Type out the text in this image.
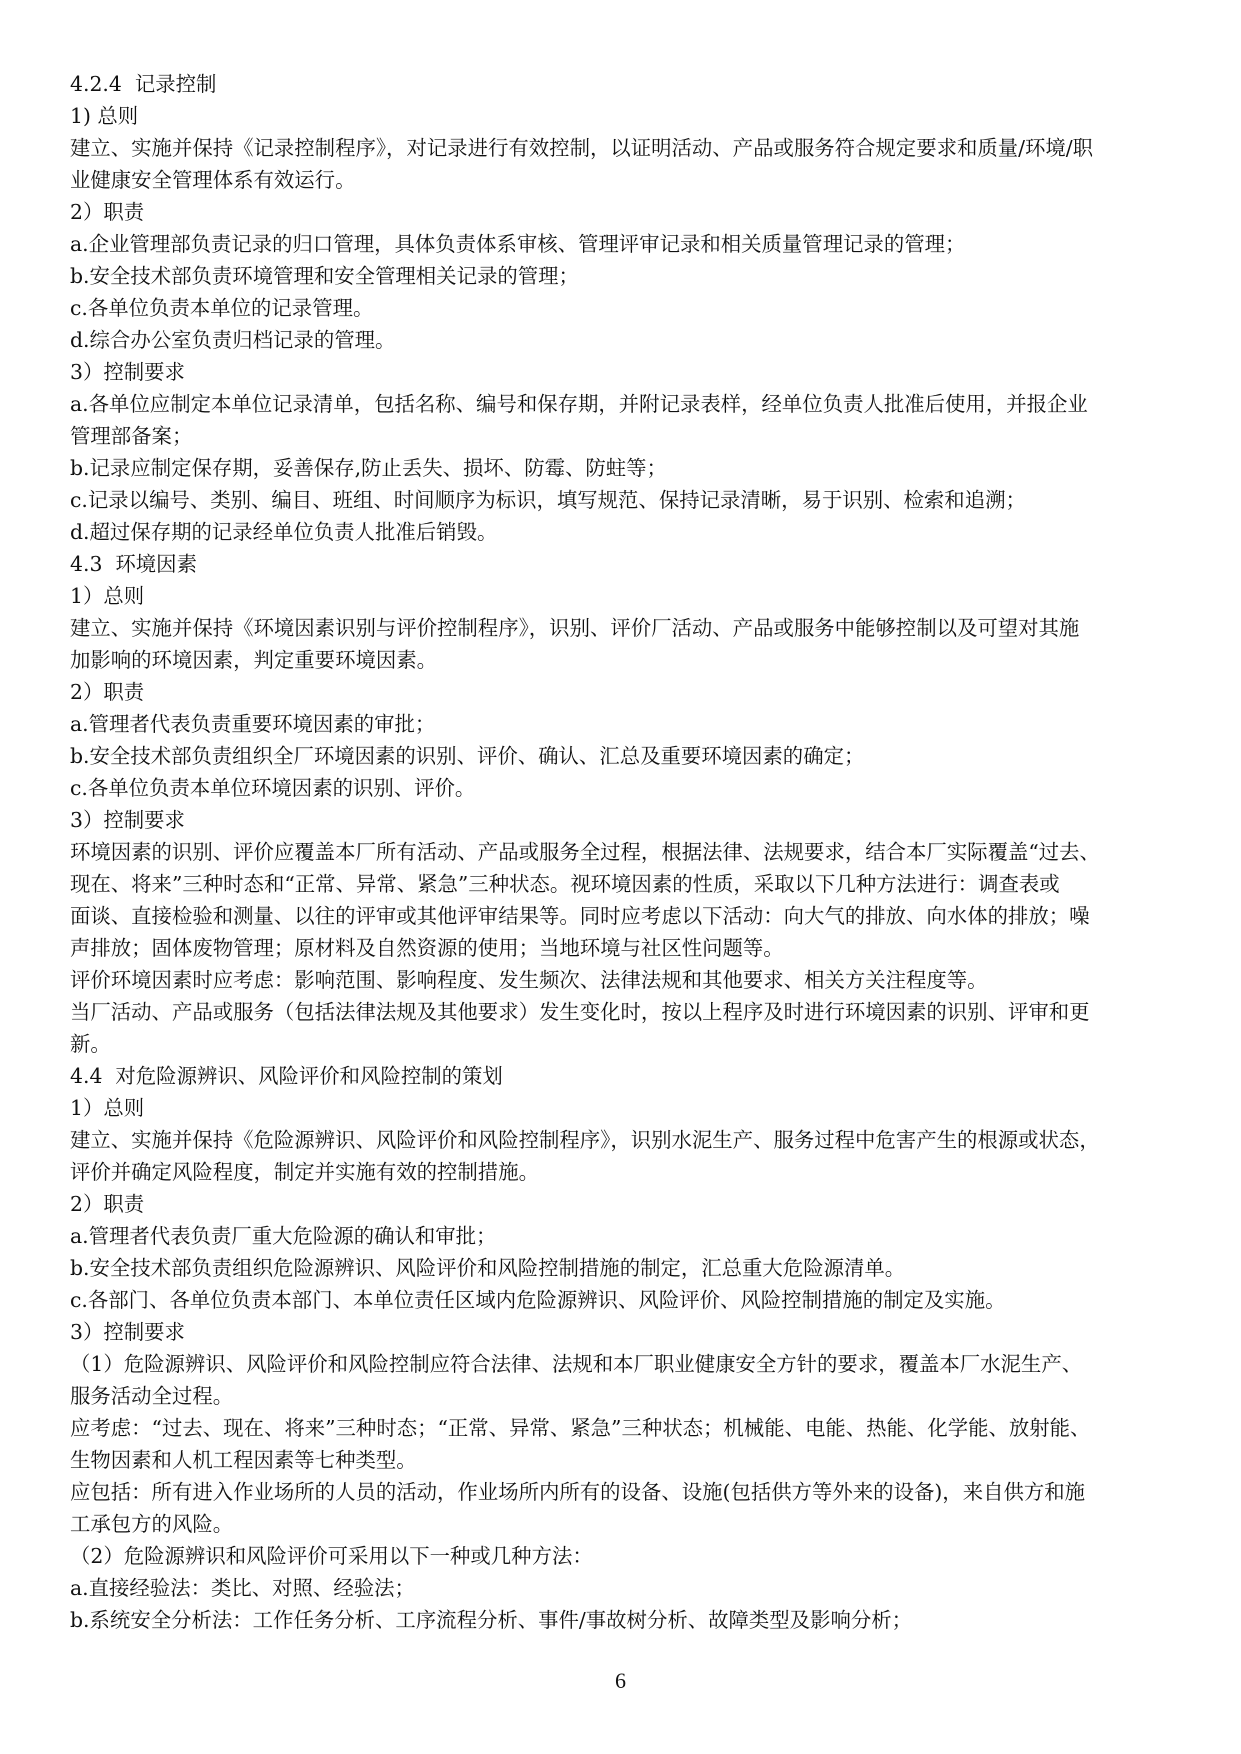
4.2.4  记录控制

1) 总则

建立、实施并保持《记录控制程序》，对记录进行有效控制，以证明活动、产品或服务符合规定要求和质量/环境/职

业健康安全管理体系有效运行。

2）职责

a.企业管理部负责记录的归口管理，具体负责体系审核、管理评审记录和相关质量管理记录的管理；

b.安全技术部负责环境管理和安全管理相关记录的管理；

c.各单位负责本单位的记录管理。

d.综合办公室负责归档记录的管理。

3）控制要求

a.各单位应制定本单位记录清单，包括名称、编号和保存期，并附记录表样，经单位负责人批准后使用，并报企业

管理部备案；

b.记录应制定保存期，妥善保存,防止丢失、损坏、防霉、防蛀等；

c.记录以编号、类别、编目、班组、时间顺序为标识，填写规范、保持记录清晰，易于识别、检索和追溯；

d.超过保存期的记录经单位负责人批准后销毁。

4.3  环境因素

1）总则

建立、实施并保持《环境因素识别与评价控制程序》，识别、评价厂活动、产品或服务中能够控制以及可望对其施

加影响的环境因素，判定重要环境因素。

2）职责

a.管理者代表负责重要环境因素的审批；

b.安全技术部负责组织全厂环境因素的识别、评价、确认、汇总及重要环境因素的确定；

c.各单位负责本单位环境因素的识别、评价。

3）控制要求

环境因素的识别、评价应覆盖本厂所有活动、产品或服务全过程，根据法律、法规要求，结合本厂实际覆盖“过去、

现在、将来”三种时态和“正常、异常、紧急”三种状态。视环境因素的性质，采取以下几种方法进行：调查表或

面谈、直接检验和测量、以往的评审或其他评审结果等。同时应考虑以下活动：向大气的排放、向水体的排放；噪

声排放；固体废物管理；原材料及自然资源的使用；当地环境与社区性问题等。

评价环境因素时应考虑：影响范围、影响程度、发生频次、法律法规和其他要求、相关方关注程度等。

当厂活动、产品或服务（包括法律法规及其他要求）发生变化时，按以上程序及时进行环境因素的识别、评审和更

新。

4.4  对危险源辨识、风险评价和风险控制的策划

1）总则

建立、实施并保持《危险源辨识、风险评价和风险控制程序》，识别水泥生产、服务过程中危害产生的根源或状态，

评价并确定风险程度，制定并实施有效的控制措施。

2）职责

a.管理者代表负责厂重大危险源的确认和审批；

b.安全技术部负责组织危险源辨识、风险评价和风险控制措施的制定，汇总重大危险源清单。

c.各部门、各单位负责本部门、本单位责任区域内危险源辨识、风险评价、风险控制措施的制定及实施。

3）控制要求

（1）危险源辨识、风险评价和风险控制应符合法律、法规和本厂职业健康安全方针的要求，覆盖本厂水泥生产、

服务活动全过程。

应考虑：“过去、现在、将来”三种时态；“正常、异常、紧急”三种状态；机械能、电能、热能、化学能、放射能、

生物因素和人机工程因素等七种类型。

应包括：所有进入作业场所的人员的活动，作业场所内所有的设备、设施(包括供方等外来的设备)，来自供方和施

工承包方的风险。

（2）危险源辨识和风险评价可采用以下一种或几种方法：

a.直接经验法：类比、对照、经验法；

b.系统安全分析法：工作任务分析、工序流程分析、事件/事故树分析、故障类型及影响分析；

6
